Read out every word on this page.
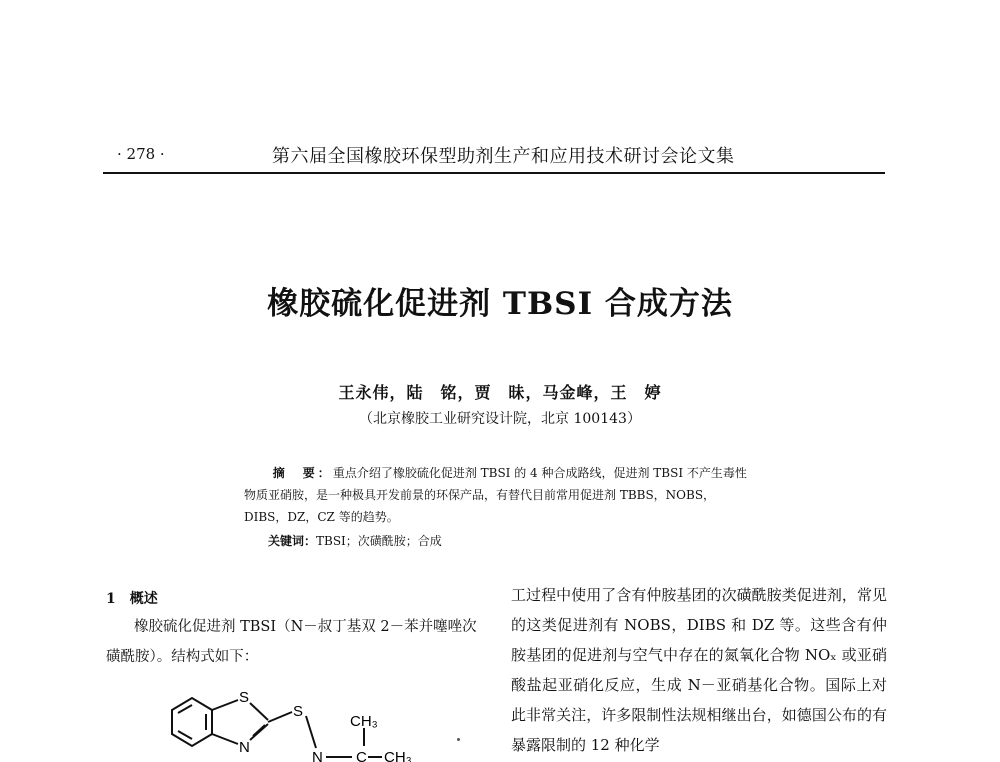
· 278 ·	第六届全国橡胶环保型助剂生产和应用技术研讨会论文集
橡胶硫化促进剂 TBSI 合成方法
王永伟，陆　铭，贾　昧，马金峰，王　婷
（北京橡胶工业研究设计院，北京 100143）
摘　要：重点介绍了橡胶硫化促进剂 TBSI 的 4 种合成路线，促进剂 TBSI 不产生毒性物质亚硝胺，是一种极具开发前景的环保产品，有替代目前常用促进剂 TBBS，NOBS，DIBS，DZ，CZ 等的趋势。
关键词：TBSI；次磺酰胺；合成
1 概述
橡胶硫化促进剂 TBSI（N－叔丁基双 2－苯并噻唑次磺酰胺）。结构式如下：
S
N
S
CH₃
N C CH₃

工过程中使用了含有仲胺基团的次磺酰胺类促进剂，常见的这类促进剂有 NOBS，DIBS 和 DZ 等。这些含有仲胺基团的促进剂与空气中存在的氮氧化合物 NOₓ 或亚硝酸盐起亚硝化反应，生成 N－亚硝基化合物。国际上对此非常关注，许多限制性法规相继出台，如德国公布的有暴露限制的 12 种化学
